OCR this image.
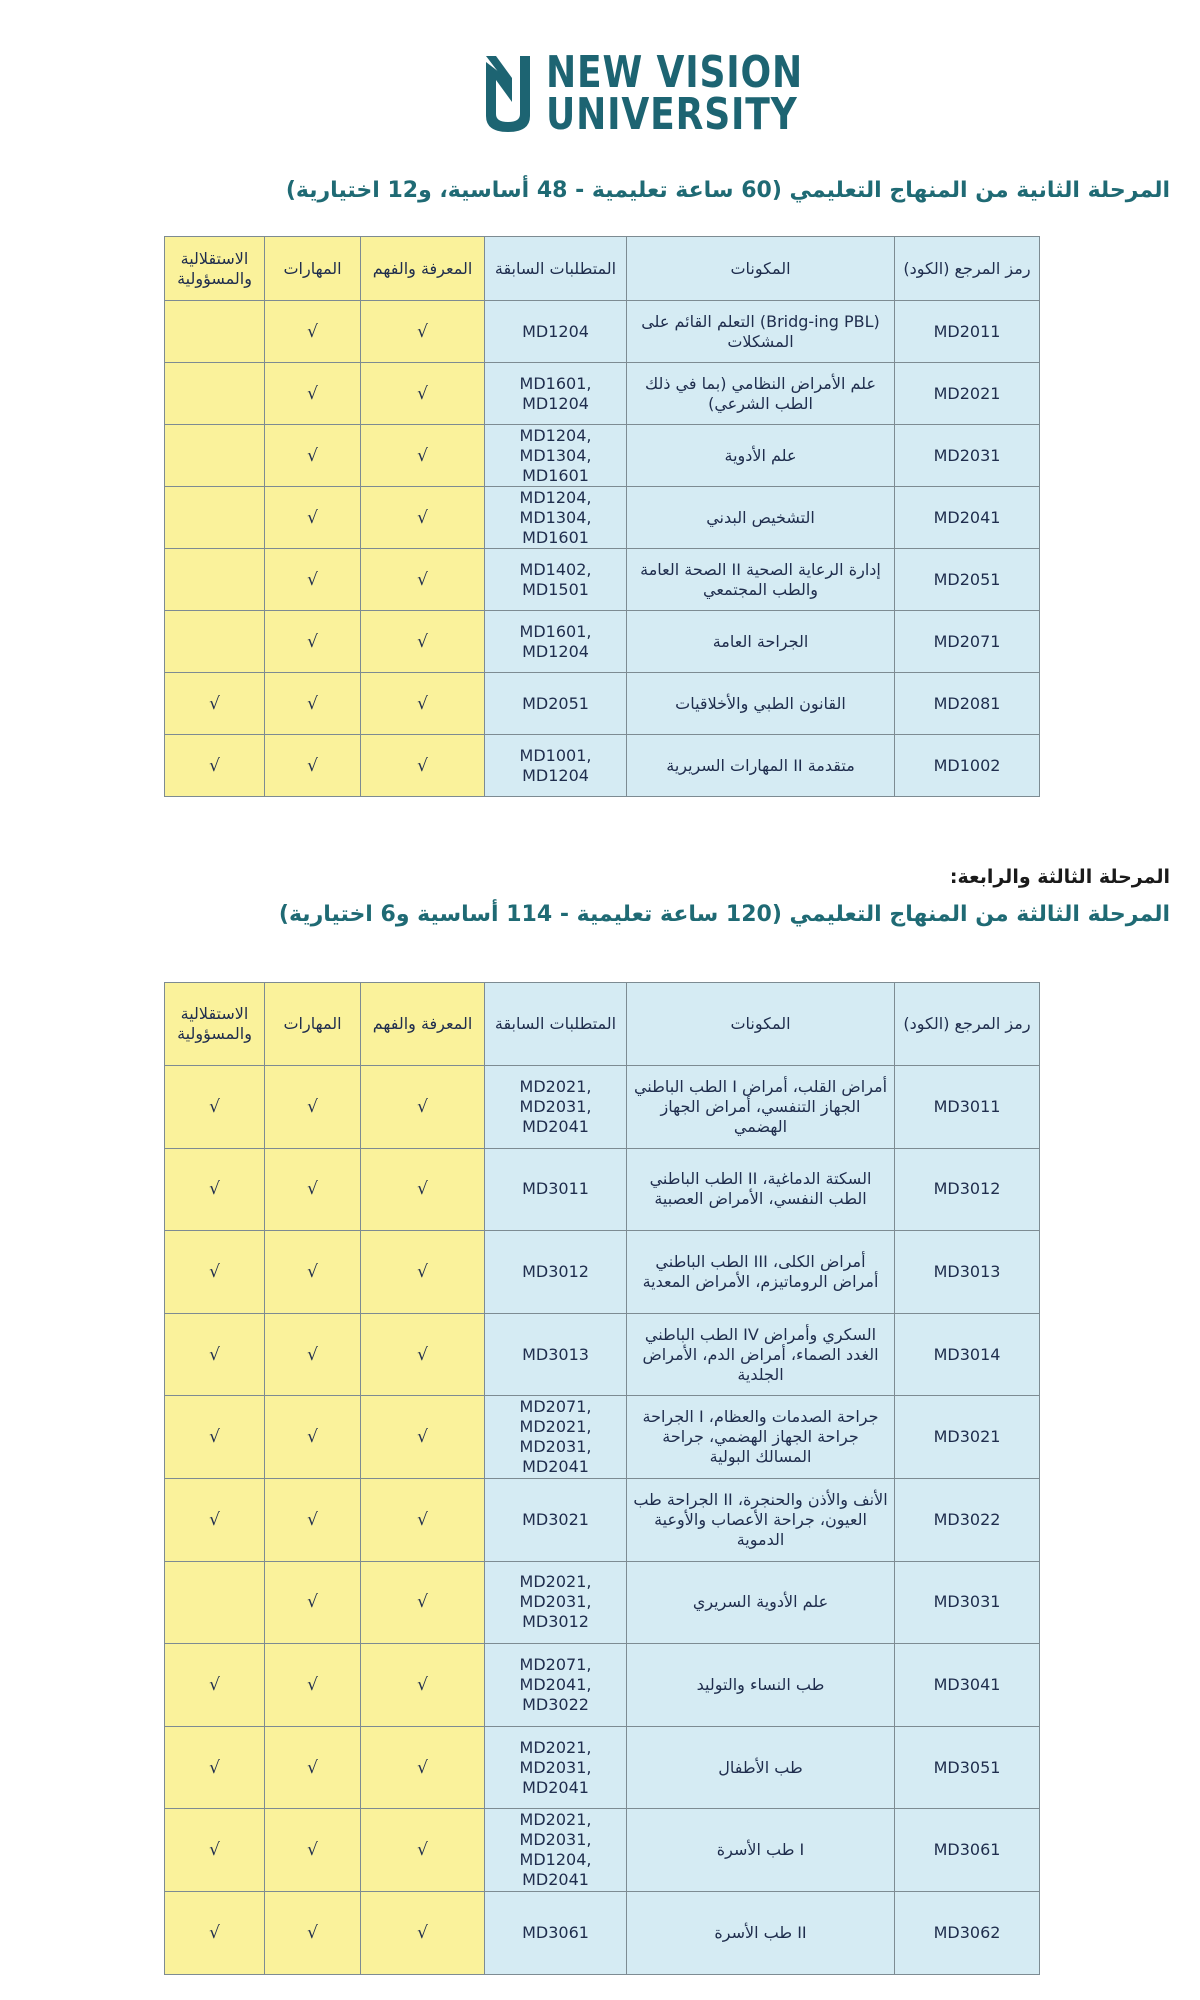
NEW VISION
UNIVERSITY
المرحلة الثانية من المنهاج التعليمي (60 ساعة تعليمية - 48 أساسية، و12 اختيارية)
الاستقلالية والمسؤولية	المهارات	المعرفة والفهم	المتطلبات السابقة	المكونات	رمز المرجع (الكود)
	√	√	MD1204	(Bridg-ing PBL) التعلم القائم على المشكلات	MD2011
	√	√	MD1601, MD1204	علم الأمراض النظامي (بما في ذلك الطب الشرعي)	MD2021
	√	√	MD1204, MD1304, MD1601	علم الأدوية	MD2031
	√	√	MD1204, MD1304, MD1601	التشخيص البدني	MD2041
	√	√	MD1402, MD1501	إدارة الرعاية الصحية II الصحة العامة والطب المجتمعي	MD2051
	√	√	MD1601, MD1204	الجراحة العامة	MD2071
√	√	√	MD2051	القانون الطبي والأخلاقيات	MD2081
√	√	√	MD1001, MD1204	متقدمة II المهارات السريرية	MD1002
المرحلة الثالثة والرابعة:
المرحلة الثالثة من المنهاج التعليمي (120 ساعة تعليمية - 114 أساسية و6 اختيارية)
الاستقلالية والمسؤولية	المهارات	المعرفة والفهم	المتطلبات السابقة	المكونات	رمز المرجع (الكود)
√	√	√	MD2021, MD2031, MD2041	أمراض القلب، أمراض I الطب الباطني الجهاز التنفسي، أمراض الجهاز الهضمي	MD3011
√	√	√	MD3011	السكتة الدماغية، II الطب الباطني الطب النفسي، الأمراض العصبية	MD3012
√	√	√	MD3012	أمراض الكلى، III الطب الباطني أمراض الروماتيزم، الأمراض المعدية	MD3013
√	√	√	MD3013	السكري وأمراض IV الطب الباطني الغدد الصماء، أمراض الدم، الأمراض الجلدية	MD3014
√	√	√	MD2071, MD2021, MD2031, MD2041	جراحة الصدمات والعظام، I الجراحة جراحة الجهاز الهضمي، جراحة المسالك البولية	MD3021
√	√	√	MD3021	الأنف والأذن والحنجرة، II الجراحة طب العيون، جراحة الأعصاب والأوعية الدموية	MD3022
	√	√	MD2021, MD2031, MD3012	علم الأدوية السريري	MD3031
√	√	√	MD2071, MD2041, MD3022	طب النساء والتوليد	MD3041
√	√	√	MD2021, MD2031, MD2041	طب الأطفال	MD3051
√	√	√	MD2021, MD2031, MD1204, MD2041	I طب الأسرة	MD3061
√	√	√	MD3061	II طب الأسرة	MD3062
